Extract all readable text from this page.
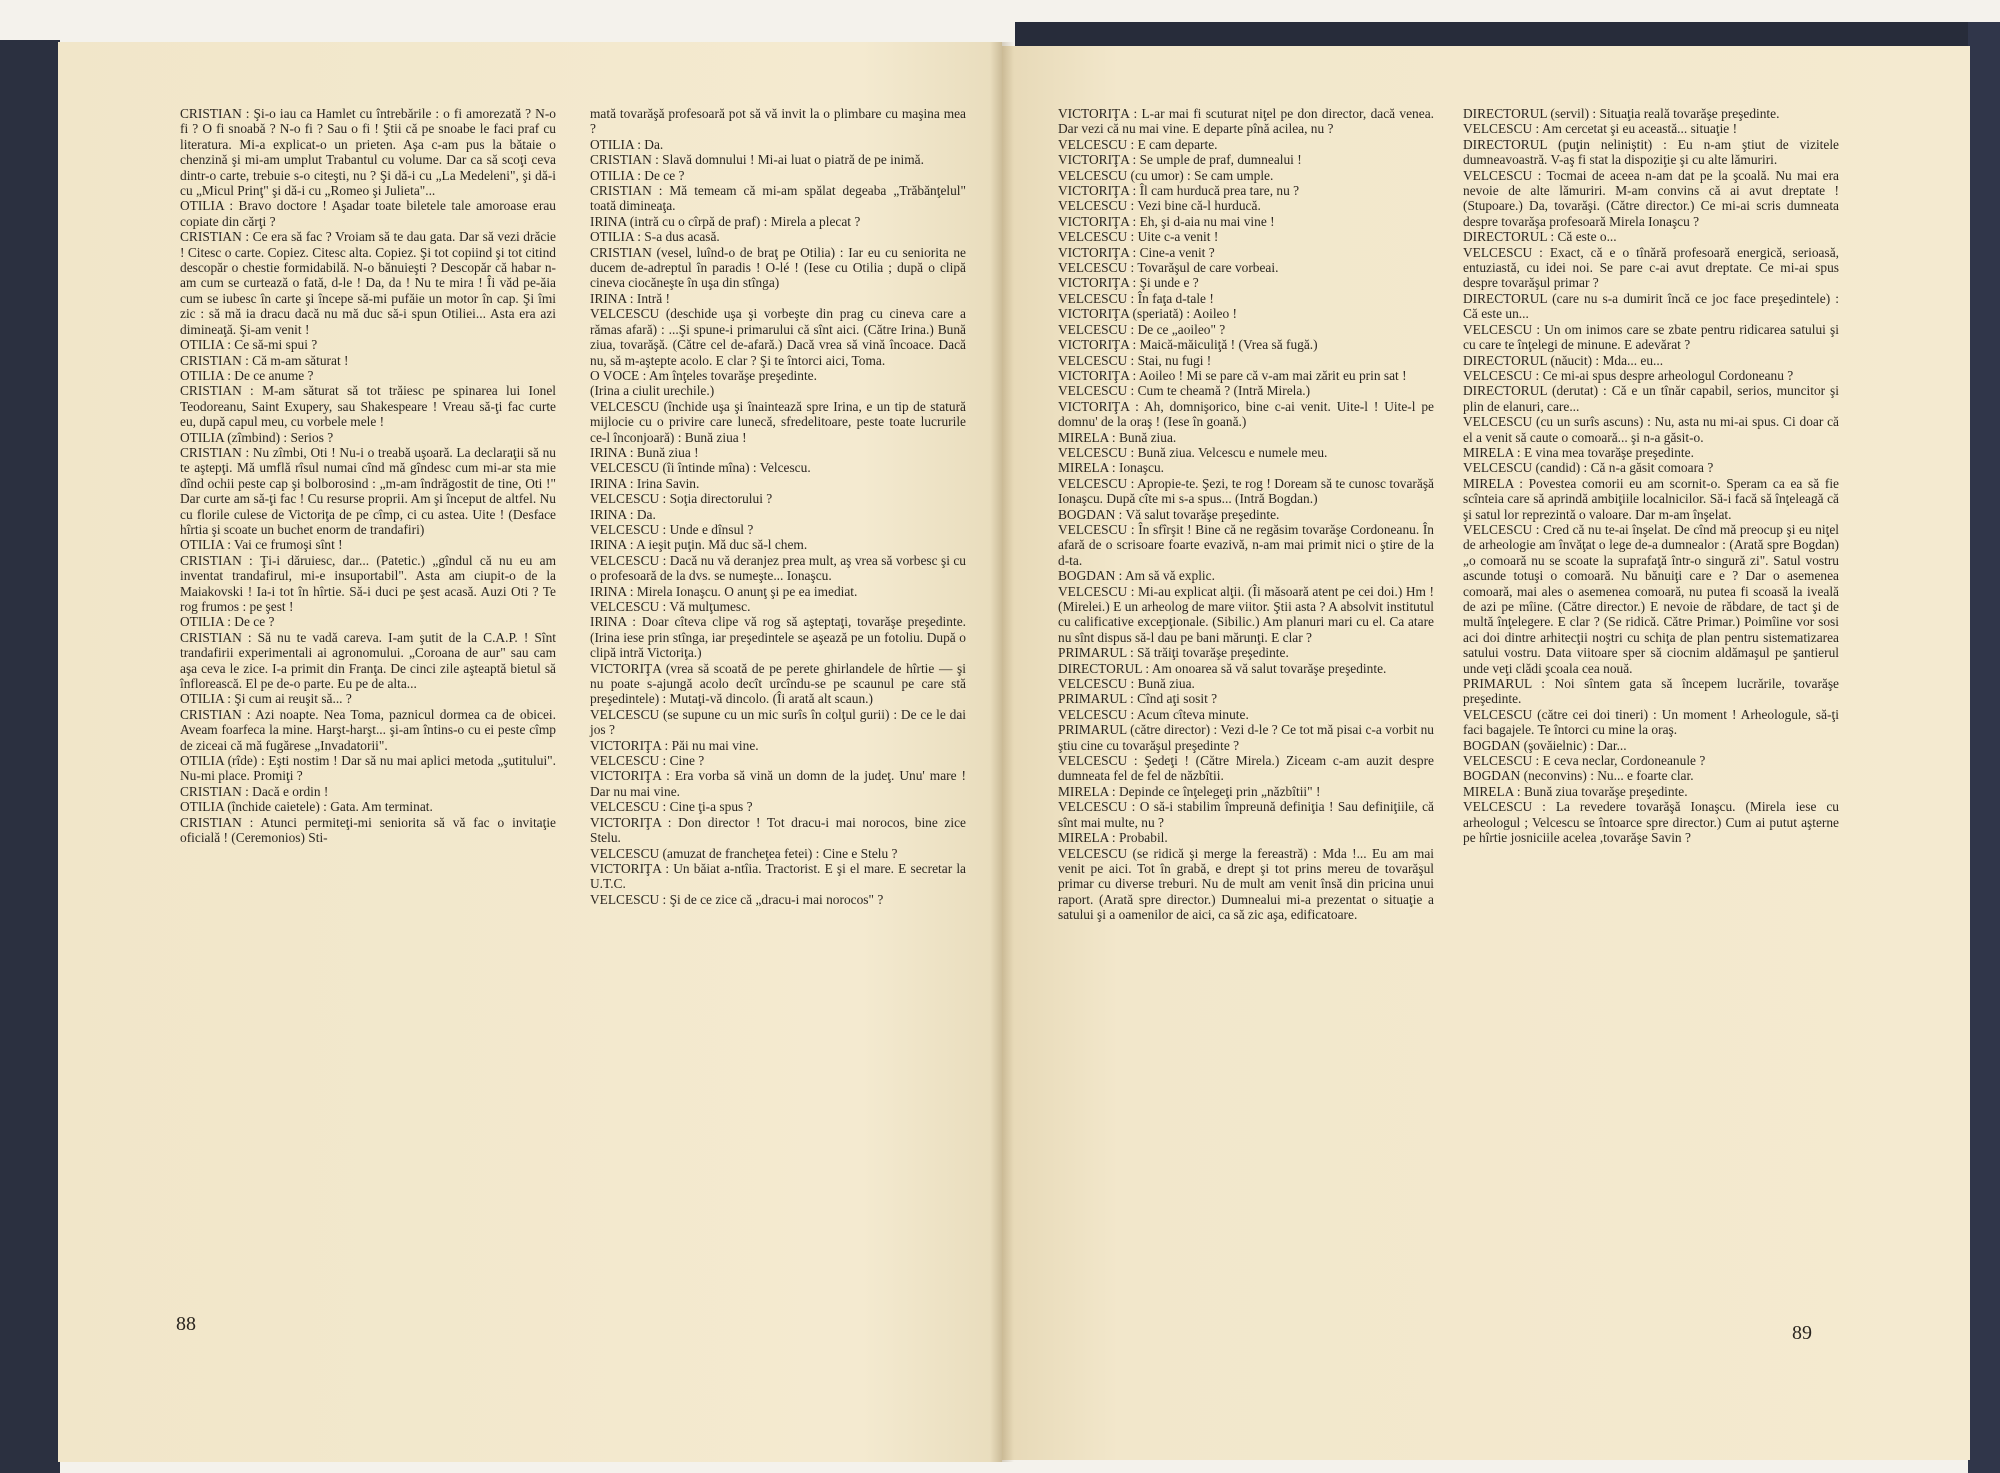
CRISTIAN : Şi-o iau ca Hamlet cu întrebările : o fi amorezată ? N-o fi ? O fi snoabă ? N-o fi ? Sau o fi ! Ştii că pe snoabe le faci praf cu literatura. Mi-a explicat-o un prieten. Aşa c-am pus la bătaie o chenzină şi mi-am umplut Trabantul cu volume. Dar ca să scoţi ceva dintr-o carte, trebuie s-o citeşti, nu ? Şi dă-i cu „La Medeleni", şi dă-i cu „Micul Prinţ" şi dă-i cu „Romeo şi Julieta"...

OTILIA : Bravo doctore ! Aşadar toate biletele tale amoroase erau copiate din cărţi ?

CRISTIAN : Ce era să fac ? Vroiam să te dau gata. Dar să vezi drăcie ! Citesc o carte. Copiez. Citesc alta. Copiez. Şi tot copiind şi tot citind descopăr o chestie formidabilă. N-o bănuieşti ? Descopăr că habar n-am cum se curtează o fată, d-le ! Da, da ! Nu te mira ! Îi văd pe-ăia cum se iubesc în carte şi începe să-mi pufăie un motor în cap. Şi îmi zic : să mă ia dracu dacă nu mă duc să-i spun Otiliei... Asta era azi dimineaţă. Şi-am venit !

OTILIA : Ce să-mi spui ?

CRISTIAN : Că m-am săturat !

OTILIA : De ce anume ?

CRISTIAN : M-am săturat să tot trăiesc pe spinarea lui Ionel Teodoreanu, Saint Exupery, sau Shakespeare ! Vreau să-ţi fac curte eu, după capul meu, cu vorbele mele !

OTILIA (zîmbind) : Serios ?

CRISTIAN : Nu zîmbi, Oti ! Nu-i o treabă uşoară. La declaraţii să nu te aştepţi. Mă umflă rîsul numai cînd mă gîndesc cum mi-ar sta mie dînd ochii peste cap şi bolborosind : „m-am îndrăgostit de tine, Oti !" Dar curte am să-ţi fac ! Cu resurse proprii. Am şi început de altfel. Nu cu florile culese de Victoriţa de pe cîmp, ci cu astea. Uite ! (Desface hîrtia şi scoate un buchet enorm de trandafiri)

OTILIA : Vai ce frumoşi sînt !

CRISTIAN : Ţi-i dăruiesc, dar... (Patetic.) „gîndul că nu eu am inventat trandafirul, mi-e insuportabil". Asta am ciupit-o de la Maiakovski ! Ia-i tot în hîrtie. Să-i duci pe şest acasă. Auzi Oti ? Te rog frumos : pe şest !

OTILIA : De ce ?

CRISTIAN : Să nu te vadă careva. I-am şutit de la C.A.P. ! Sînt trandafirii experimentali ai agronomului. „Coroana de aur" sau cam aşa ceva le zice. I-a primit din Franţa. De cinci zile aşteaptă bietul să înflorească. El pe de-o parte. Eu pe de alta...

OTILIA : Şi cum ai reuşit să... ?

CRISTIAN : Azi noapte. Nea Toma, paznicul dormea ca de obicei. Aveam foarfeca la mine. Harşt-harşt... şi-am întins-o cu ei peste cîmp de ziceai că mă fugărese „Invadatorii".

OTILIA (rîde) : Eşti nostim ! Dar să nu mai aplici metoda „şutitului". Nu-mi place. Promiţi ?

CRISTIAN : Dacă e ordin !

OTILIA (închide caietele) : Gata. Am terminat.

CRISTIAN : Atunci permiteţi-mi seniorita să vă fac o invitaţie oficială ! (Ceremonios) Sti-

mată tovarăşă profesoară pot să vă invit la o plimbare cu maşina mea ?

OTILIA : Da.

CRISTIAN : Slavă domnului ! Mi-ai luat o piatră de pe inimă.

OTILIA : De ce ?

CRISTIAN : Mă temeam că mi-am spălat degeaba „Trăbănţelul" toată dimineaţa.

IRINA (intră cu o cîrpă de praf) : Mirela a plecat ?

OTILIA : S-a dus acasă.

CRISTIAN (vesel, luînd-o de braţ pe Otilia) : Iar eu cu seniorita ne ducem de-adreptul în paradis ! O-lé ! (Iese cu Otilia ; după o clipă cineva ciocăneşte în uşa din stînga)

IRINA : Intră !

VELCESCU (deschide uşa şi vorbeşte din prag cu cineva care a rămas afară) : ...Şi spune-i primarului că sînt aici. (Către Irina.) Bună ziua, tovarăşă. (Către cel de-afară.) Dacă vrea să vină încoace. Dacă nu, să m-aştepte acolo. E clar ? Şi te întorci aici, Toma.

O VOCE : Am înţeles tovarăşe preşedinte.

(Irina a ciulit urechile.)

VELCESCU (închide uşa şi înaintează spre Irina, e un tip de statură mijlocie cu o privire care lunecă, sfredelitoare, peste toate lucrurile ce-l înconjoară) : Bună ziua !

IRINA : Bună ziua !

VELCESCU (îi întinde mîna) : Velcescu.

IRINA : Irina Savin.

VELCESCU : Soţia directorului ?

IRINA : Da.

VELCESCU : Unde e dînsul ?

IRINA : A ieşit puţin. Mă duc să-l chem.

VELCESCU : Dacă nu vă deranjez prea mult, aş vrea să vorbesc şi cu o profesoară de la dvs. se numeşte... Ionaşcu.

IRINA : Mirela Ionaşcu. O anunţ şi pe ea imediat.

VELCESCU : Vă mulţumesc.

IRINA : Doar cîteva clipe vă rog să aşteptaţi, tovarăşe preşedinte. (Irina iese prin stînga, iar preşedintele se aşează pe un fotoliu. După o clipă intră Victoriţa.)

VICTORIŢA (vrea să scoată de pe perete ghirlandele de hîrtie — şi nu poate s-ajungă acolo decît urcîndu-se pe scaunul pe care stă preşedintele) : Mutaţi-vă dincolo. (Îi arată alt scaun.)

VELCESCU (se supune cu un mic surîs în colţul gurii) : De ce le dai jos ?

VICTORIŢA : Păi nu mai vine.

VELCESCU : Cine ?

VICTORIŢA : Era vorba să vină un domn de la judeţ. Unu' mare ! Dar nu mai vine.

VELCESCU : Cine ţi-a spus ?

VICTORIŢA : Don director ! Tot dracu-i mai norocos, bine zice Stelu.

VELCESCU (amuzat de francheţea fetei) : Cine e Stelu ?

VICTORIŢA : Un băiat a-ntîia. Tractorist. E şi el mare. E secretar la U.T.C.

VELCESCU : Şi de ce zice că „dracu-i mai norocos" ?

VICTORIŢA : L-ar mai fi scuturat niţel pe don director, dacă venea. Dar vezi că nu mai vine. E departe pînă acilea, nu ?

VELCESCU : E cam departe.

VICTORIŢA : Se umple de praf, dumnealui !

VELCESCU (cu umor) : Se cam umple.

VICTORIŢA : Îl cam hurducă prea tare, nu ?

VELCESCU : Vezi bine că-l hurducă.

VICTORIŢA : Eh, şi d-aia nu mai vine !

VELCESCU : Uite c-a venit !

VICTORIŢA : Cine-a venit ?

VELCESCU : Tovarăşul de care vorbeai.

VICTORIŢA : Şi unde e ?

VELCESCU : În faţa d-tale !

VICTORIŢA (speriată) : Aoileo !

VELCESCU : De ce „aoileo" ?

VICTORIŢA : Maică-măiculiţă ! (Vrea să fugă.)

VELCESCU : Stai, nu fugi !

VICTORIŢA : Aoileo ! Mi se pare că v-am mai zărit eu prin sat !

VELCESCU : Cum te cheamă ? (Intră Mirela.)

VICTORIŢA : Ah, domnişorico, bine c-ai venit. Uite-l ! Uite-l pe domnu' de la oraş ! (Iese în goană.)

MIRELA : Bună ziua.

VELCESCU : Bună ziua. Velcescu e numele meu.

MIRELA : Ionaşcu.

VELCESCU : Apropie-te. Şezi, te rog ! Doream să te cunosc tovarăşă Ionaşcu. După cîte mi s-a spus... (Intră Bogdan.)

BOGDAN : Vă salut tovarăşe preşedinte.

VELCESCU : În sfîrşit ! Bine că ne regăsim tovarăşe Cordoneanu. În afară de o scrisoare foarte evazivă, n-am mai primit nici o ştire de la d-ta.

BOGDAN : Am să vă explic.

VELCESCU : Mi-au explicat alţii. (Îi măsoară atent pe cei doi.) Hm ! (Mirelei.) E un arheolog de mare viitor. Ştii asta ? A absolvit institutul cu calificative excepţionale. (Sibilic.) Am planuri mari cu el. Ca atare nu sînt dispus să-l dau pe bani mărunţi. E clar ?

PRIMARUL : Să trăiţi tovarăşe preşedinte.

DIRECTORUL : Am onoarea să vă salut tovarăşe preşedinte.

VELCESCU : Bună ziua.

PRIMARUL : Cînd aţi sosit ?

VELCESCU : Acum cîteva minute.

PRIMARUL (către director) : Vezi d-le ? Ce tot mă pisai c-a vorbit nu ştiu cine cu tovarăşul preşedinte ?

VELCESCU : Şedeţi ! (Către Mirela.) Ziceam c-am auzit despre dumneata fel de fel de năzbîtii.

MIRELA : Depinde ce înţelegeţi prin „năzbîtii" !

VELCESCU : O să-i stabilim împreună definiţia ! Sau definiţiile, că sînt mai multe, nu ?

MIRELA : Probabil.

VELCESCU (se ridică şi merge la fereastră) : Mda !... Eu am mai venit pe aici. Tot în grabă, e drept şi tot prins mereu de tovarăşul primar cu diverse treburi. Nu de mult am venit însă din pricina unui raport. (Arată spre director.) Dumnealui mi-a prezentat o situaţie a satului şi a oamenilor de aici, ca să zic aşa, edificatoare.

DIRECTORUL (servil) : Situaţia reală tovarăşe preşedinte.

VELCESCU : Am cercetat şi eu această... situaţie !

DIRECTORUL (puţin neliniştit) : Eu n-am ştiut de vizitele dumneavoastră. V-aş fi stat la dispoziţie şi cu alte lămuriri.

VELCESCU : Tocmai de aceea n-am dat pe la şcoală. Nu mai era nevoie de alte lămuriri. M-am convins că ai avut dreptate ! (Stupoare.) Da, tovarăşi. (Către director.) Ce mi-ai scris dumneata despre tovarăşa profesoară Mirela Ionaşcu ?

DIRECTORUL : Că este o...

VELCESCU : Exact, că e o tînără profesoară energică, serioasă, entuziastă, cu idei noi. Se pare c-ai avut dreptate. Ce mi-ai spus despre tovarăşul primar ?

DIRECTORUL (care nu s-a dumirit încă ce joc face preşedintele) : Că este un...

VELCESCU : Un om inimos care se zbate pentru ridicarea satului şi cu care te înţelegi de minune. E adevărat ?

DIRECTORUL (năucit) : Mda... eu...

VELCESCU : Ce mi-ai spus despre arheologul Cordoneanu ?

DIRECTORUL (derutat) : Că e un tînăr capabil, serios, muncitor şi plin de elanuri, care...

VELCESCU (cu un surîs ascuns) : Nu, asta nu mi-ai spus. Ci doar că el a venit să caute o comoară... şi n-a găsit-o.

MIRELA : E vina mea tovarăşe preşedinte.

VELCESCU (candid) : Că n-a găsit comoara ?

MIRELA : Povestea comorii eu am scornit-o. Speram ca ea să fie scînteia care să aprindă ambiţiile localnicilor. Să-i facă să înţeleagă că şi satul lor reprezintă o valoare. Dar m-am înşelat.

VELCESCU : Cred că nu te-ai înşelat. De cînd mă preocup şi eu niţel de arheologie am învăţat o lege de-a dumnealor : (Arată spre Bogdan) „o comoară nu se scoate la suprafaţă într-o singură zi". Satul vostru ascunde totuşi o comoară. Nu bănuiţi care e ? Dar o asemenea comoară, mai ales o asemenea comoară, nu putea fi scoasă la iveală de azi pe mîine. (Către director.) E nevoie de răbdare, de tact şi de multă înţelegere. E clar ? (Se ridică. Către Primar.) Poimîine vor sosi aci doi dintre arhitecţii noştri cu schiţa de plan pentru sistematizarea satului vostru. Data viitoare sper să ciocnim aldămaşul pe şantierul unde veţi clădi şcoala cea nouă.

PRIMARUL : Noi sîntem gata să începem lucrările, tovarăşe preşedinte.

VELCESCU (către cei doi tineri) : Un moment ! Arheologule, să-ţi faci bagajele. Te întorci cu mine la oraş.

BOGDAN (şovăielnic) : Dar...

VELCESCU : E ceva neclar, Cordoneanule ?

BOGDAN (neconvins) : Nu... e foarte clar.

MIRELA : Bună ziua tovarăşe preşedinte.

VELCESCU : La revedere tovarăşă Ionaşcu. (Mirela iese cu arheologul ; Velcescu se întoarce spre director.) Cum ai putut aşterne pe hîrtie josniciile acelea ,tovarăşe Savin ?

88	89
